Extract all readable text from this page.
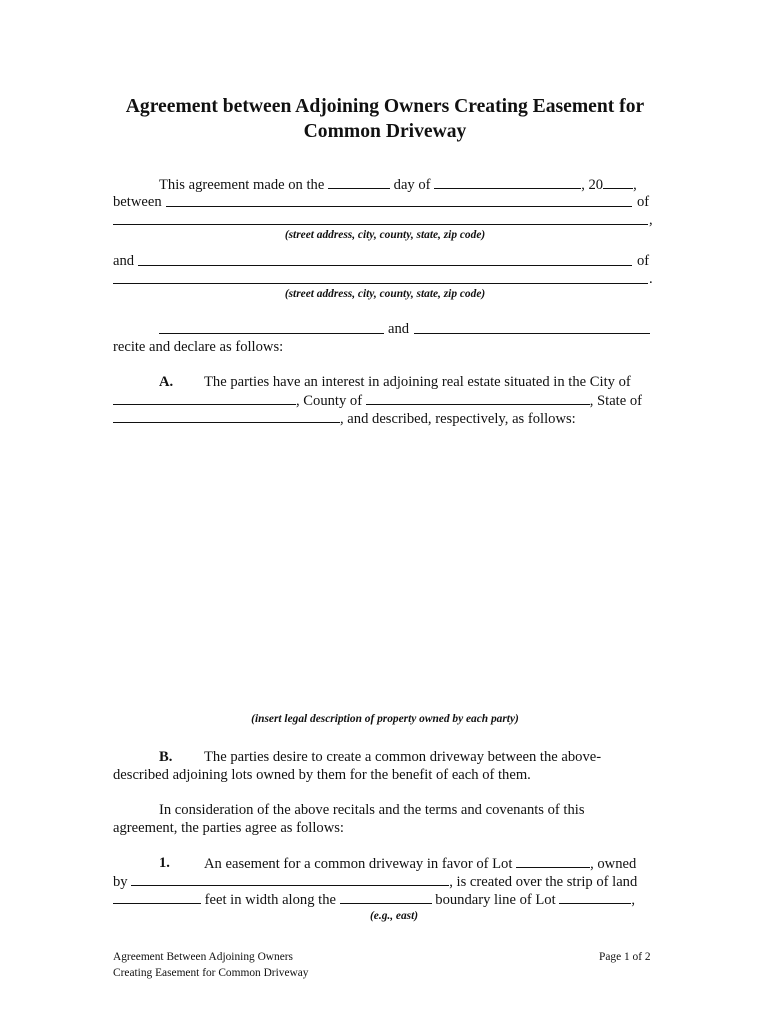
Agreement between Adjoining Owners Creating Easement for
Common Driveway
This agreement made on the	day of	, 20 ,
between	of
,
(street address, city, county, state, zip code)
and	of
.
(street address, city, county, state, zip code)
and
recite and declare as follows:
A. The parties have an interest in adjoining real estate situated in the City of
, County of	, State of
, and described, respectively, as follows:
(insert legal description of property owned by each party)
B. The parties desire to create a common driveway between the above-
described adjoining lots owned by them for the benefit of each of them.
In consideration of the above recitals and the terms and covenants of this
agreement, the parties agree as follows:
1. An easement for a common driveway in favor of Lot	, owned
by	, is created over the strip of land
feet in width along the	boundary line of Lot	,
(e.g., east)
Agreement Between Adjoining Owners
Creating Easement for Common Driveway
Page 1 of 2
